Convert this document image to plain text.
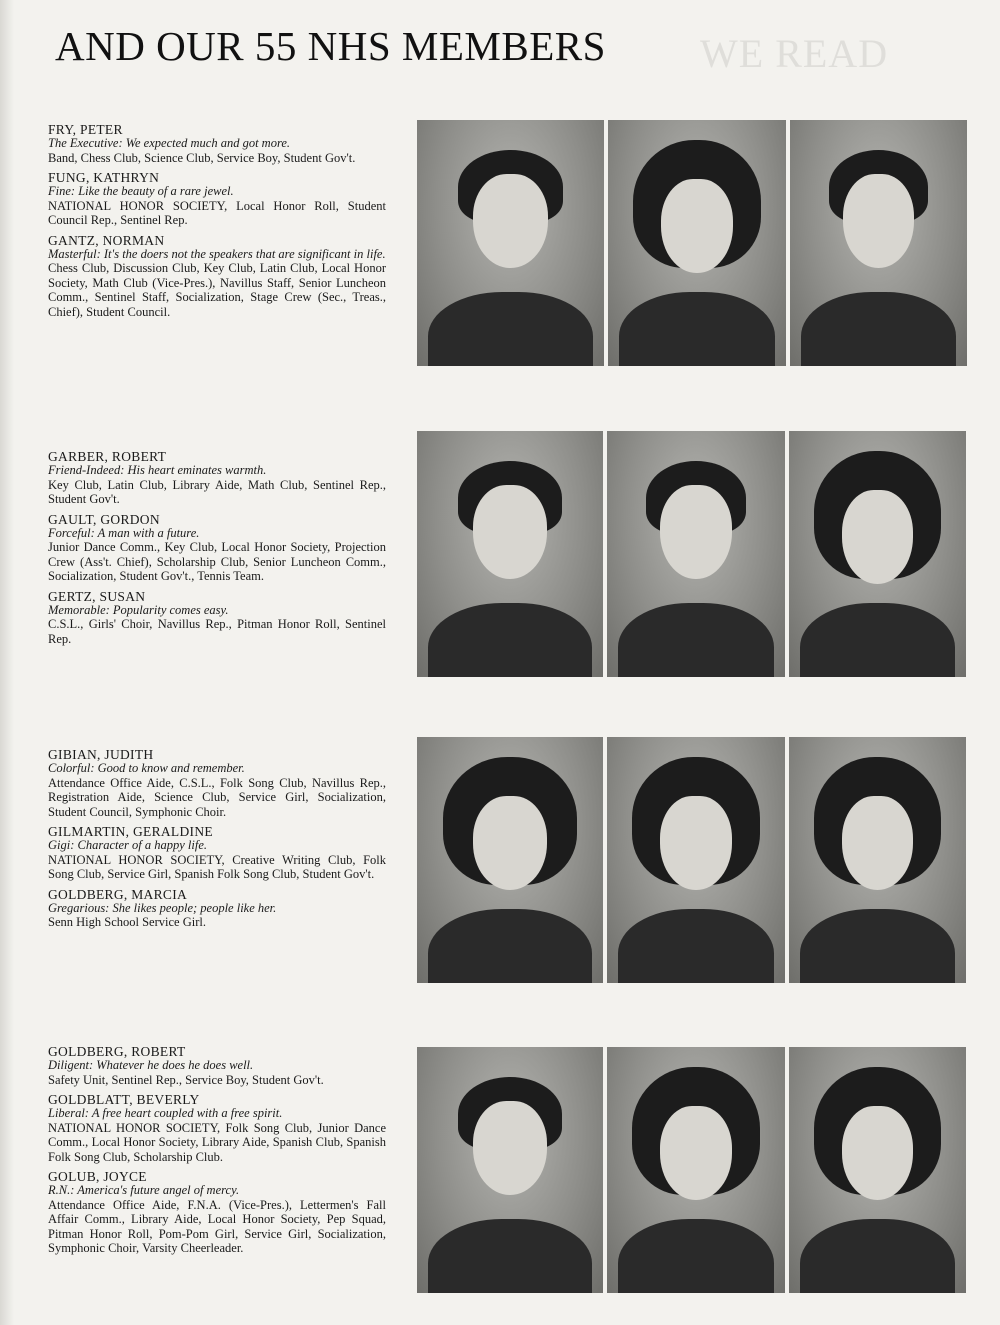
AND OUR 55 NHS MEMBERS WE READ
FRY, PETER
The Executive: We expected much and got more.
Band, Chess Club, Science Club, Service Boy, Student Gov't.
FUNG, KATHRYN
Fine: Like the beauty of a rare jewel.
NATIONAL HONOR SOCIETY, Local Honor Roll, Student Council Rep., Sentinel Rep.
GANTZ, NORMAN
Masterful: It's the doers not the speakers that are significant in life.
Chess Club, Discussion Club, Key Club, Latin Club, Local Honor Society, Math Club (Vice-Pres.), Navillus Staff, Senior Luncheon Comm., Sentinel Staff, Socialization, Stage Crew (Sec., Treas., Chief), Student Council.
GARBER, ROBERT
Friend-Indeed: His heart eminates warmth.
Key Club, Latin Club, Library Aide, Math Club, Sentinel Rep., Student Gov't.
GAULT, GORDON
Forceful: A man with a future.
Junior Dance Comm., Key Club, Local Honor Society, Projection Crew (Ass't. Chief), Scholarship Club, Senior Luncheon Comm., Socialization, Student Gov't., Tennis Team.
GERTZ, SUSAN
Memorable: Popularity comes easy.
C.S.L., Girls' Choir, Navillus Rep., Pitman Honor Roll, Sentinel Rep.
GIBIAN, JUDITH
Colorful: Good to know and remember.
Attendance Office Aide, C.S.L., Folk Song Club, Navillus Rep., Registration Aide, Science Club, Service Girl, Socialization, Student Council, Symphonic Choir.
GILMARTIN, GERALDINE
Gigi: Character of a happy life.
NATIONAL HONOR SOCIETY, Creative Writing Club, Folk Song Club, Service Girl, Spanish Folk Song Club, Student Gov't.
GOLDBERG, MARCIA
Gregarious: She likes people; people like her.
Senn High School Service Girl.
GOLDBERG, ROBERT
Diligent: Whatever he does he does well.
Safety Unit, Sentinel Rep., Service Boy, Student Gov't.
GOLDBLATT, BEVERLY
Liberal: A free heart coupled with a free spirit.
NATIONAL HONOR SOCIETY, Folk Song Club, Junior Dance Comm., Local Honor Society, Library Aide, Spanish Club, Spanish Folk Song Club, Scholarship Club.
GOLUB, JOYCE
R.N.: America's future angel of mercy.
Attendance Office Aide, F.N.A. (Vice-Pres.), Lettermen's Fall Affair Comm., Library Aide, Local Honor Society, Pep Squad, Pitman Honor Roll, Pom-Pom Girl, Service Girl, Socialization, Symphonic Choir, Varsity Cheerleader.
